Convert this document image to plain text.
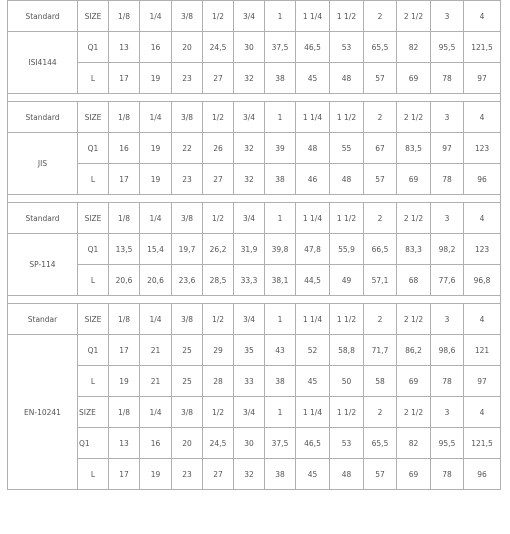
Standard	SIZE	1/8	1/4	3/8	1/2	3/4	1	1 1/4	1 1/2	2	2 1/2	3	4
ISI4144	Q1	13	16	20	24,5	30	37,5	46,5	53	65,5	82	95,5	121,5
	L	17	19	23	27	32	38	45	48	57	69	78	97

Standard	SIZE	1/8	1/4	3/8	1/2	3/4	1	1 1/4	1 1/2	2	2 1/2	3	4
JIS	Q1	16	19	22	26	32	39	48	55	67	83,5	97	123
	L	17	19	23	27	32	38	46	48	57	69	78	96

Standard	SIZE	1/8	1/4	3/8	1/2	3/4	1	1 1/4	1 1/2	2	2 1/2	3	4
SP-114	Q1	13,5	15,4	19,7	26,2	31,9	39,8	47,8	55,9	66,5	83,3	98,2	123
	L	20,6	20,6	23,6	28,5	33,3	38,1	44,5	49	57,1	68	77,6	96,8

Standar	SIZE	1/8	1/4	3/8	1/2	3/4	1	1 1/4	1 1/2	2	2 1/2	3	4
EN-10241	Q1	17	21	25	29	35	43	52	58,8	71,7	86,2	98,6	121
	L	19	21	25	28	33	38	45	50	58	69	78	97
	SIZE	1/8	1/4	3/8	1/2	3/4	1	1 1/4	1 1/2	2	2 1/2	3	4
	Q1	13	16	20	24,5	30	37,5	46,5	53	65,5	82	95,5	121,5
	L	17	19	23	27	32	38	45	48	57	69	78	96
